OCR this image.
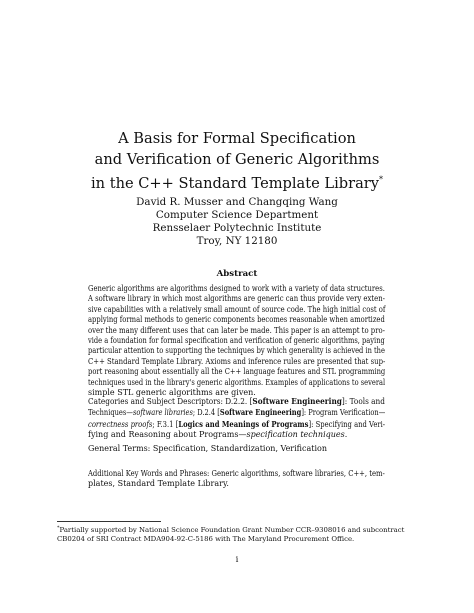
A Basis for Formal Specification
and Verification of Generic Algorithms
in the C++ Standard Template Library*
David R. Musser and Changqing Wang
Computer Science Department
Rensselaer Polytechnic Institute
Troy, NY 12180
Abstract
Generic algorithms are algorithms designed to work with a variety of data structures.
A software library in which most algorithms are generic can thus provide very exten-
sive capabilities with a relatively small amount of source code. The high initial cost of
applying formal methods to generic components becomes reasonable when amortized
over the many different uses that can later be made. This paper is an attempt to pro-
vide a foundation for formal specification and verification of generic algorithms, paying
particular attention to supporting the techniques by which generality is achieved in the
C++ Standard Template Library. Axioms and inference rules are presented that sup-
port reasoning about essentially all the C++ language features and STL programming
techniques used in the library's generic algorithms. Examples of applications to several
simple STL generic algorithms are given.
Categories and Subject Descriptors: D.2.2. [Software Engineering]: Tools and
Techniques—software libraries; D.2.4 [Software Engineering]: Program Verification—
correctness proofs; F.3.1 [Logics and Meanings of Programs]: Specifying and Veri-
fying and Reasoning about Programs—specification techniques.
General Terms: Specification, Standardization, Verification
Additional Key Words and Phrases: Generic algorithms, software libraries, C++, tem-
plates, Standard Template Library.
*Partially supported by National Science Foundation Grant Number CCR–9308016 and subcontract
CB0204 of SRI Contract MDA904-92-C-5186 with The Maryland Procurement Office.
i
